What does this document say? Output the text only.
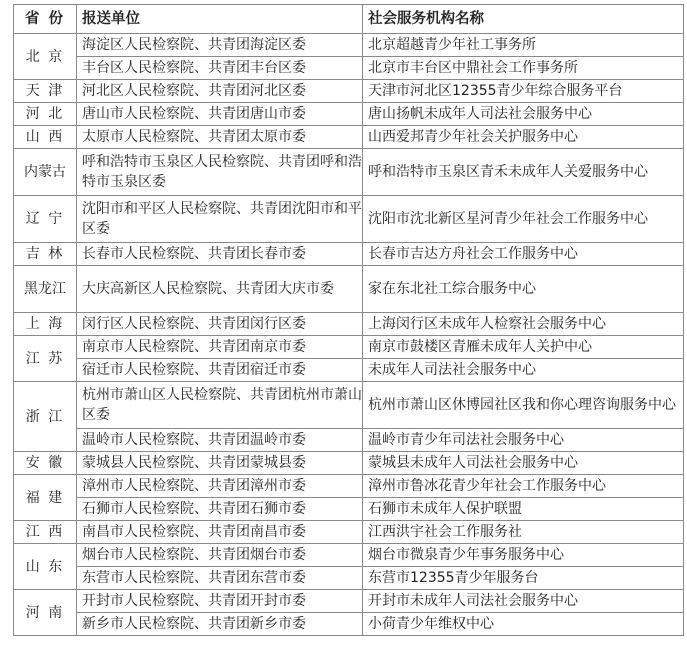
省 份	报送单位	社会服务机构名称
北 京	海淀区人民检察院、共青团海淀区委	北京超越青少年社工事务所
	丰台区人民检察院、共青团丰台区委	北京市丰台区中鼎社会工作事务所
天 津	河北区人民检察院、共青团河北区委	天津市河北区12355青少年综合服务平台
河 北	唐山市人民检察院、共青团唐山市委	唐山扬帆未成年人司法社会服务中心
山 西	太原市人民检察院、共青团太原市委	山西爱邦青少年社会关护服务中心
内蒙古	呼和浩特市玉泉区人民检察院、共青团呼和浩特市玉泉区委	呼和浩特市玉泉区青禾未成年人关爱服务中心
辽 宁	沈阳市和平区人民检察院、共青团沈阳市和平区委	沈阳市沈北新区星河青少年社会工作服务中心
吉 林	长春市人民检察院、共青团长春市委	长春市吉达方舟社会工作服务中心
黑龙江	大庆高新区人民检察院、共青团大庆市委	家在东北社工综合服务中心
上 海	闵行区人民检察院、共青团闵行区委	上海闵行区未成年人检察社会服务中心
江 苏	南京市人民检察院、共青团南京市委	南京市鼓楼区青雁未成年人关护中心
	宿迁市人民检察院、共青团宿迁市委	未成年人司法社会服务中心
浙 江	杭州市萧山区人民检察院、共青团杭州市萧山区委	杭州市萧山区休博园社区我和你心理咨询服务中心
	温岭市人民检察院、共青团温岭市委	温岭市青少年司法社会服务中心
安 徽	蒙城县人民检察院、共青团蒙城县委	蒙城县未成年人司法社会服务中心
福 建	漳州市人民检察院、共青团漳州市委	漳州市鲁冰花青少年社会工作服务中心
	石狮市人民检察院、共青团石狮市委	石狮市未成年人保护联盟
江 西	南昌市人民检察院、共青团南昌市委	江西洪宇社会工作服务社
山 东	烟台市人民检察院、共青团烟台市委	烟台市微泉青少年事务服务中心
	东营市人民检察院、共青团东营市委	东营市12355青少年服务台
河 南	开封市人民检察院、共青团开封市委	开封市未成年人司法社会服务中心
	新乡市人民检察院、共青团新乡市委	小荷青少年维权中心
